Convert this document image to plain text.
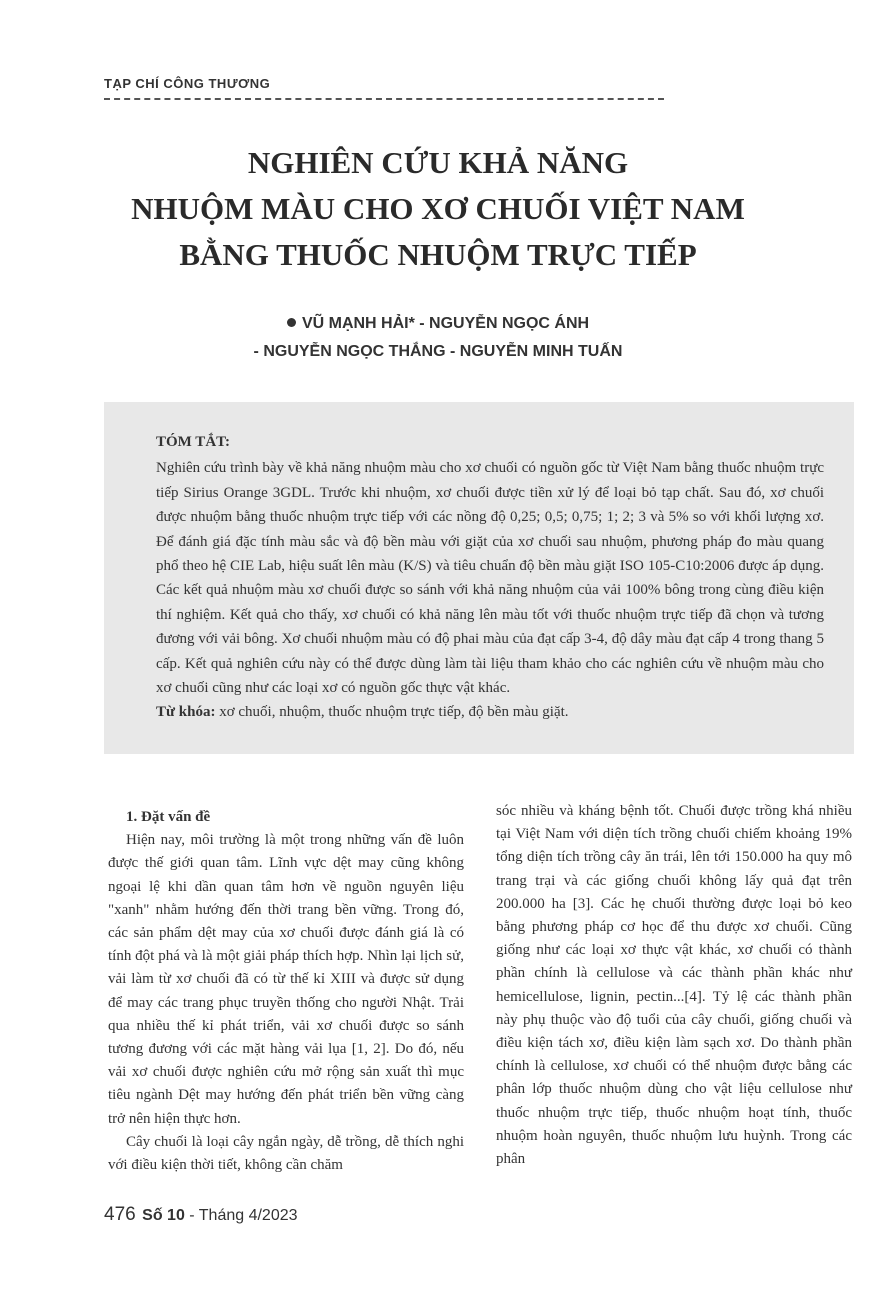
TẠP CHÍ CÔNG THƯƠNG
NGHIÊN CỨU KHẢ NĂNG
NHUỘM MÀU CHO XƠ CHUỐI VIỆT NAM
BẰNG THUỐC NHUỘM TRỰC TIẾP
VŨ MẠNH HẢI* - NGUYỄN NGỌC ÁNH
- NGUYỄN NGỌC THẮNG - NGUYỄN MINH TUẤN

TÓM TẮT:

Nghiên cứu trình bày về khả năng nhuộm màu cho xơ chuối có nguồn gốc từ Việt Nam bằng thuốc nhuộm trực tiếp Sirius Orange 3GDL. Trước khi nhuộm, xơ chuối được tiền xử lý để loại bỏ tạp chất. Sau đó, xơ chuối được nhuộm bằng thuốc nhuộm trực tiếp với các nồng độ 0,25; 0,5; 0,75; 1; 2; 3 và 5% so với khối lượng xơ. Để đánh giá đặc tính màu sắc và độ bền màu với giặt của xơ chuối sau nhuộm, phương pháp đo màu quang phổ theo hệ CIE Lab, hiệu suất lên màu (K/S) và tiêu chuẩn độ bền màu giặt ISO 105-C10:2006 được áp dụng. Các kết quả nhuộm màu xơ chuối được so sánh với khả năng nhuộm của vải 100% bông trong cùng điều kiện thí nghiệm. Kết quả cho thấy, xơ chuối có khả năng lên màu tốt với thuốc nhuộm trực tiếp đã chọn và tương đương với vải bông. Xơ chuối nhuộm màu có độ phai màu của đạt cấp 3-4, độ dây màu đạt cấp 4 trong thang 5 cấp. Kết quả nghiên cứu này có thể được dùng làm tài liệu tham khảo cho các nghiên cứu về nhuộm màu cho xơ chuối cũng như các loại xơ có nguồn gốc thực vật khác.

Từ khóa: xơ chuối, nhuộm, thuốc nhuộm trực tiếp, độ bền màu giặt.

1. Đặt vấn đề

Hiện nay, môi trường là một trong những vấn đề luôn được thế giới quan tâm. Lĩnh vực dệt may cũng không ngoại lệ khi dần quan tâm hơn về nguồn nguyên liệu "xanh" nhằm hướng đến thời trang bền vững. Trong đó, các sản phẩm dệt may của xơ chuối được đánh giá là có tính đột phá và là một giải pháp thích hợp. Nhìn lại lịch sử, vải làm từ xơ chuối đã có từ thế kỉ XIII và được sử dụng để may các trang phục truyền thống cho người Nhật. Trải qua nhiều thế kỉ phát triển, vải xơ chuối được so sánh tương đương với các mặt hàng vải lụa [1, 2]. Do đó, nếu vải xơ chuối được nghiên cứu mở rộng sản xuất thì mục tiêu ngành Dệt may hướng đến phát triển bền vững càng trở nên hiện thực hơn.

Cây chuối là loại cây ngắn ngày, dễ trồng, dễ thích nghi với điều kiện thời tiết, không cần chăm

sóc nhiều và kháng bệnh tốt. Chuối được trồng khá nhiều tại Việt Nam với diện tích trồng chuối chiếm khoảng 19% tổng diện tích trồng cây ăn trái, lên tới 150.000 ha quy mô trang trại và các giống chuối không lấy quả đạt trên 200.000 ha [3]. Các hẹ chuối thường được loại bỏ keo bằng phương pháp cơ học để thu được xơ chuối. Cũng giống như các loại xơ thực vật khác, xơ chuối có thành phần chính là cellulose và các thành phần khác như hemicellulose, lignin, pectin...[4]. Tỷ lệ các thành phần này phụ thuộc vào độ tuổi của cây chuối, giống chuối và điều kiện tách xơ, điều kiện làm sạch xơ. Do thành phần chính là cellulose, xơ chuối có thể nhuộm được bằng các phân lớp thuốc nhuộm dùng cho vật liệu cellulose như thuốc nhuộm trực tiếp, thuốc nhuộm hoạt tính, thuốc nhuộm hoàn nguyên, thuốc nhuộm lưu huỳnh. Trong các phân

476 Số 10 - Tháng 4/2023
